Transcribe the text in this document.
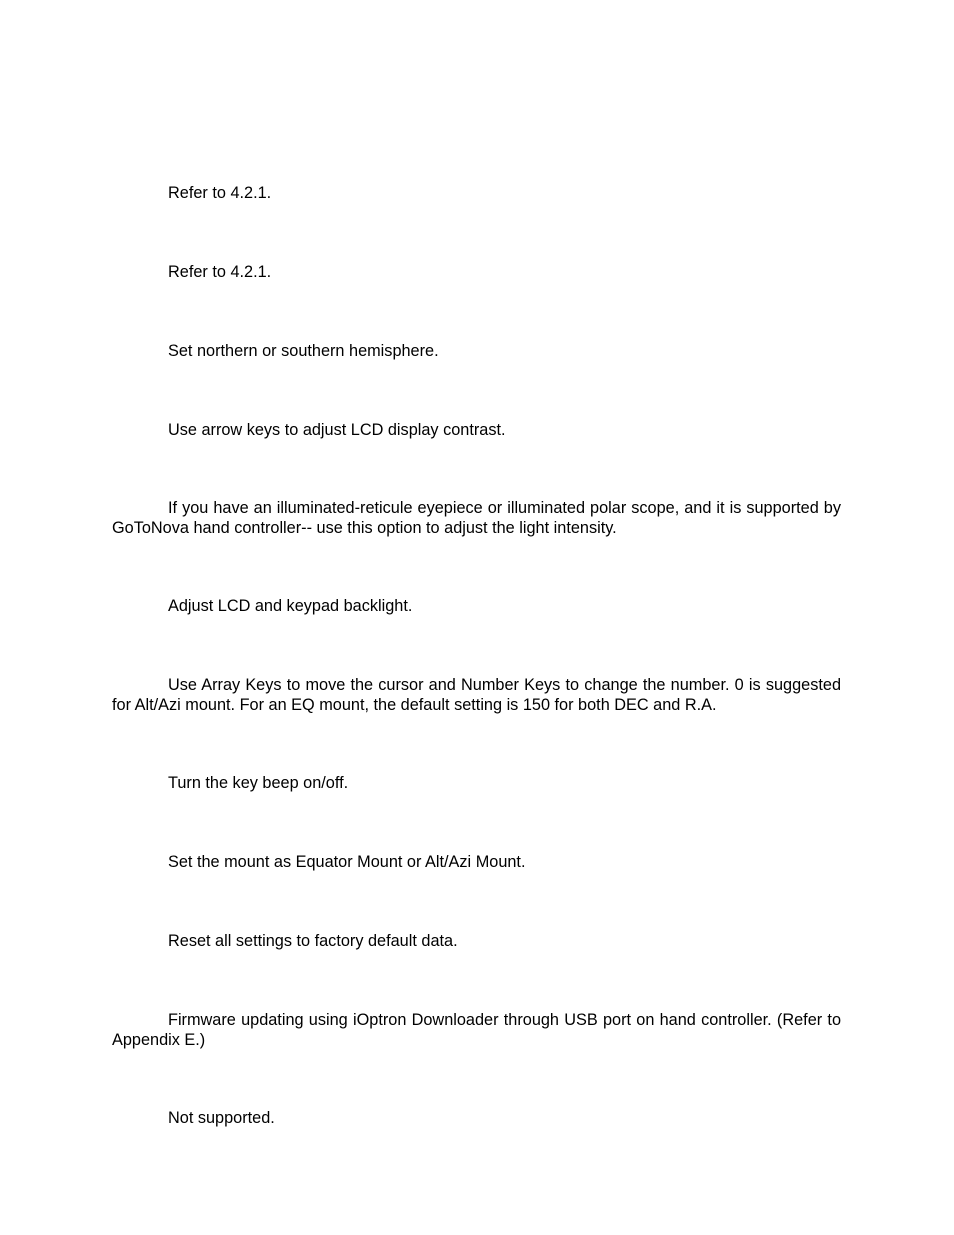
Refer to 4.2.1.

Refer to 4.2.1.

Set northern or southern hemisphere.

Use arrow keys to adjust LCD display contrast.

If you have an illuminated-reticule eyepiece or illuminated polar scope, and it is supported by GoToNova hand controller-- use this option to adjust the light intensity.

Adjust LCD and keypad backlight.

Use Array Keys to move the cursor and Number Keys to change the number. 0 is suggested for Alt/Azi mount. For an EQ mount, the default setting is 150 for both DEC and R.A.

Turn the key beep on/off.

Set the mount as Equator Mount or Alt/Azi Mount.

Reset all settings to factory default data.

Firmware updating using iOptron Downloader through USB port on hand controller. (Refer to Appendix E.)

Not supported.
